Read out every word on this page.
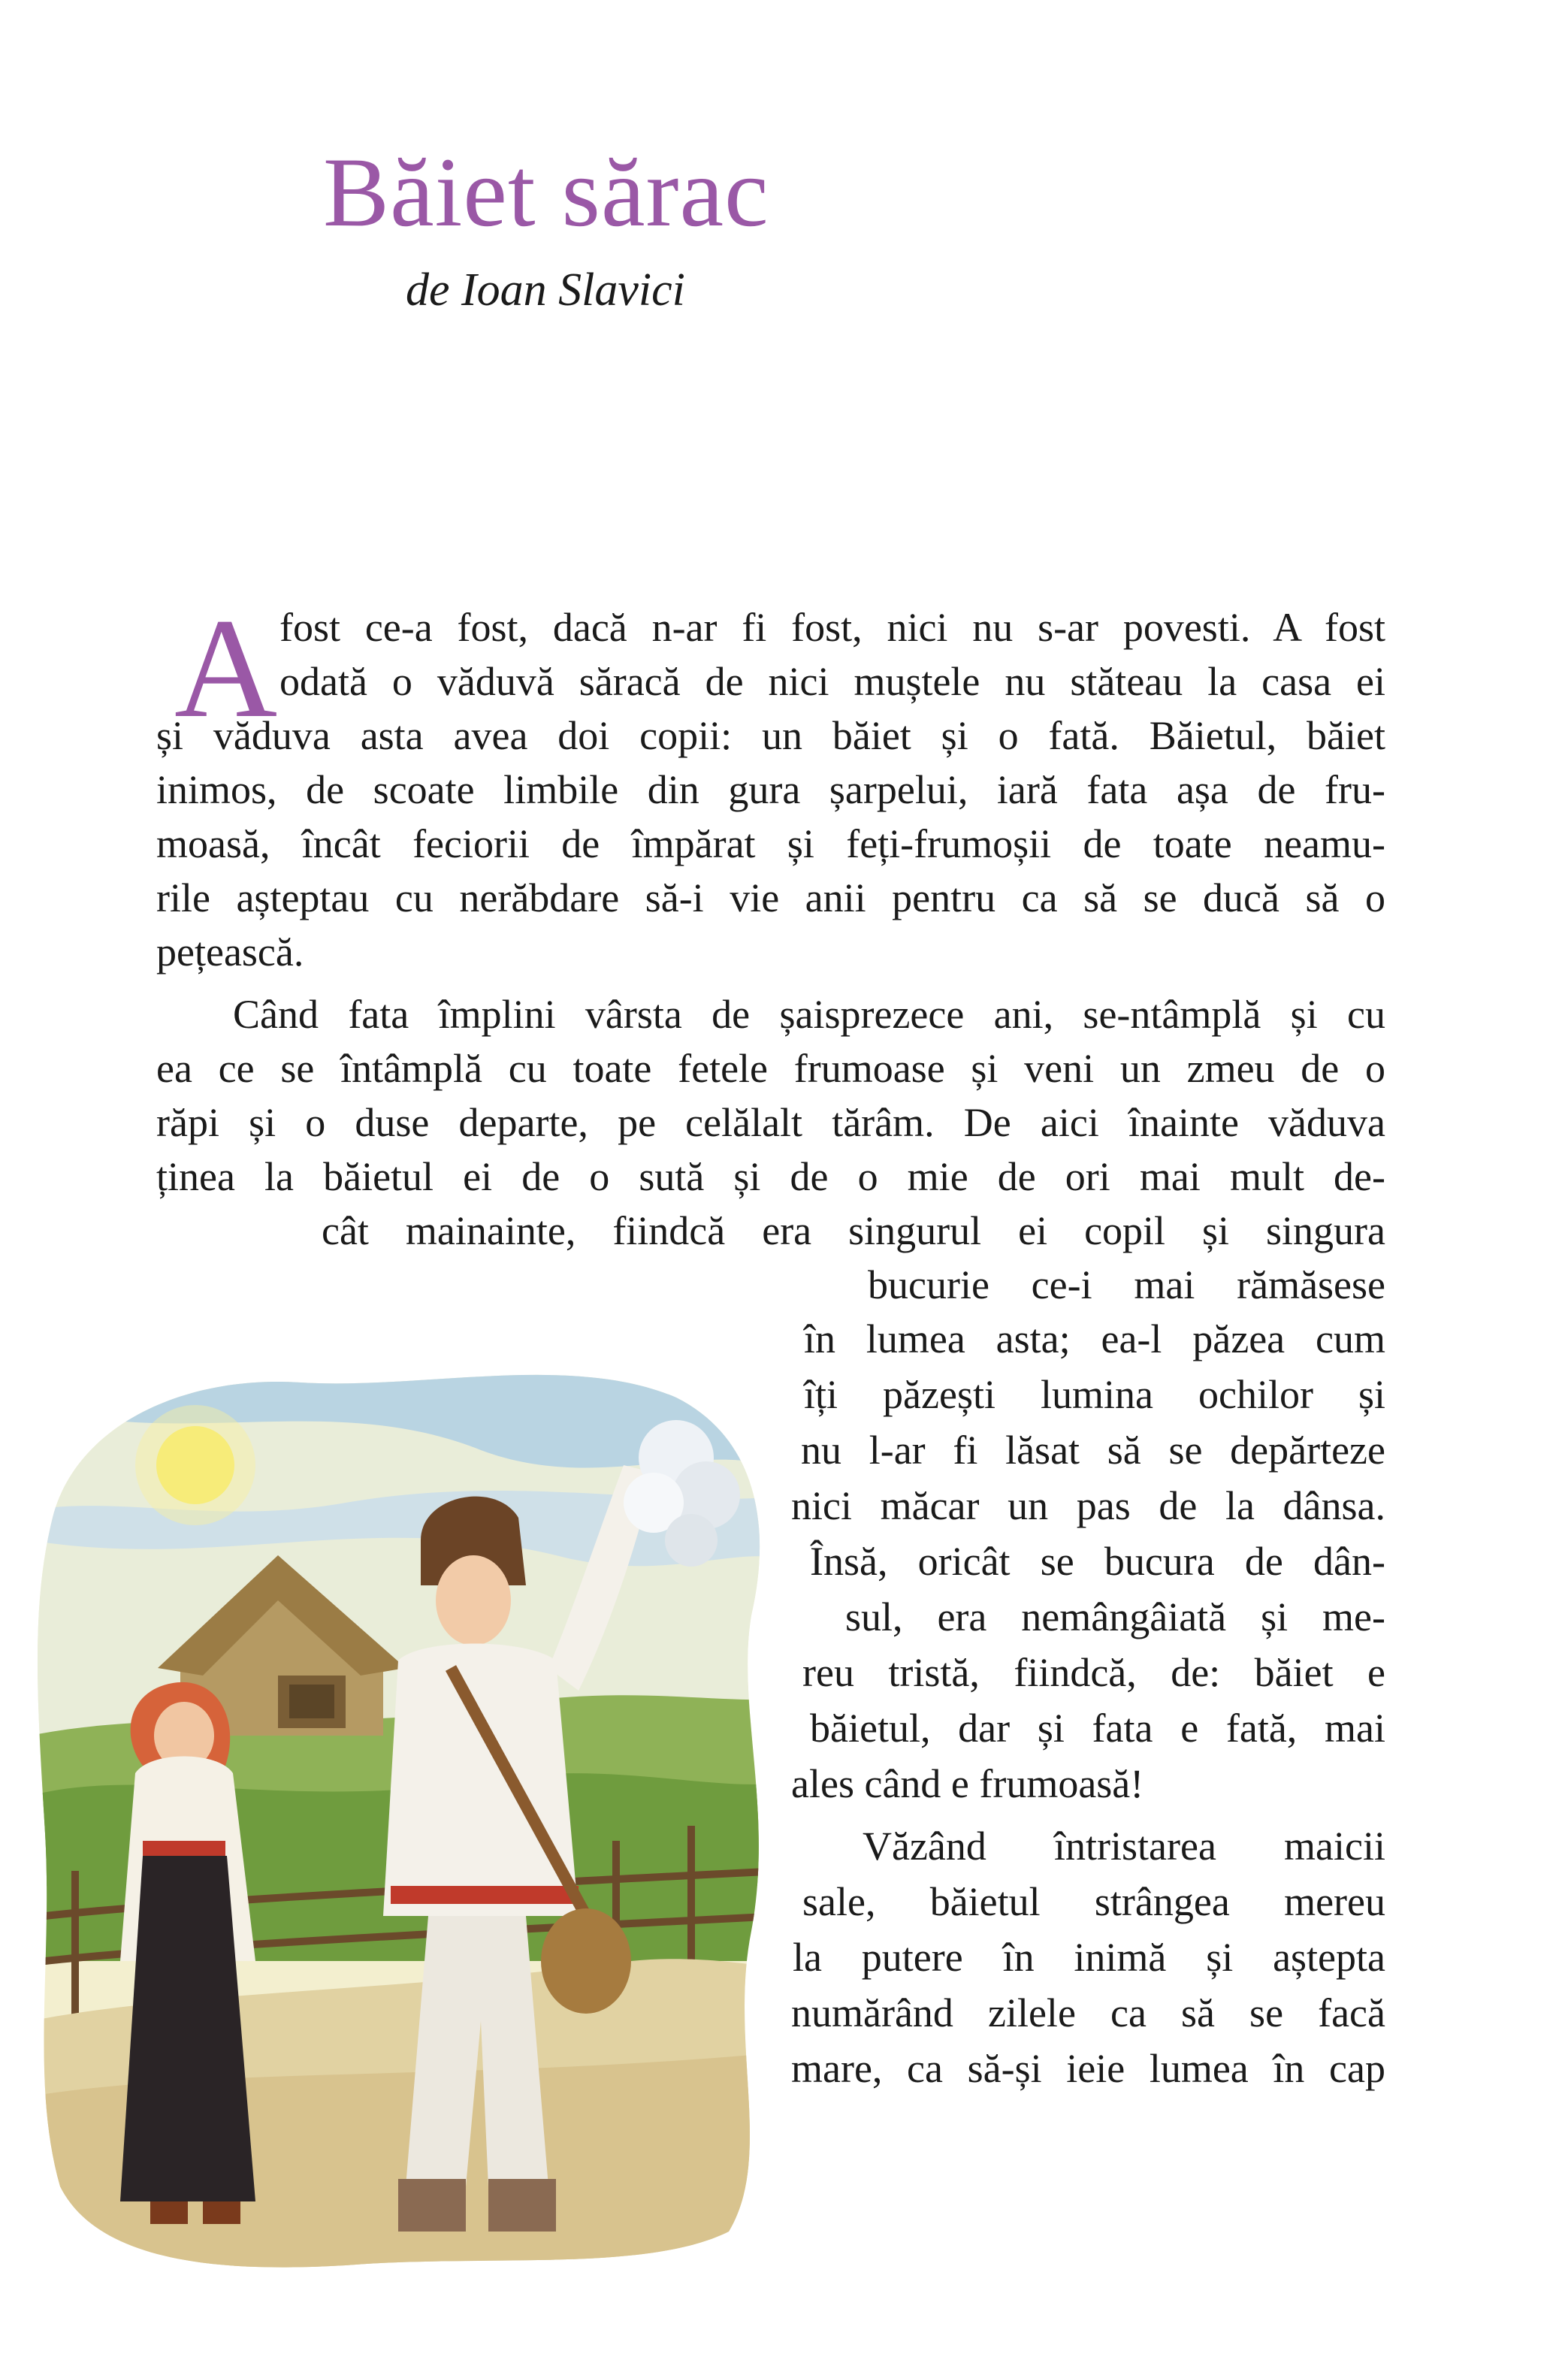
Băiet sărac
de Ioan Slavici
A fost ce-a fost, dacă n-ar fi fost, nici nu s-ar povesti. A fost
odată o văduvă săracă de nici muștele nu stăteau la casa ei
și văduva asta avea doi copii: un băiet și o fată. Băietul, băiet
inimos, de scoate limbile din gura șarpelui, iară fata așa de fru-
moasă, încât feciorii de împărat și feți-frumoșii de toate neamu-
rile așteptau cu nerăbdare să-i vie anii pentru ca să se ducă să o
pețească.
Când fata împlini vârsta de șaisprezece ani, se-ntâmplă și cu
ea ce se întâmplă cu toate fetele frumoase și veni un zmeu de o
răpi și o duse departe, pe celălalt tărâm. De aici înainte văduva
ținea la băietul ei de o sută și de o mie de ori mai mult de-
cât mainainte, fiindcă era singurul ei copil și singura
bucurie ce-i mai rămăsese
în lumea asta; ea-l păzea cum
îți păzești lumina ochilor și
nu l-ar fi lăsat să se depărteze
nici măcar un pas de la dânsa.
Însă, oricât se bucura de dân-
sul, era nemângâiată și me-
reu tristă, fiindcă, de: băiet e
băietul, dar și fata e fată, mai
ales când e frumoasă!
Văzând întristarea maicii
sale, băietul strângea mereu
la putere în inimă și aștepta
numărând zilele ca să se facă
mare, ca să-și ieie lumea în cap
